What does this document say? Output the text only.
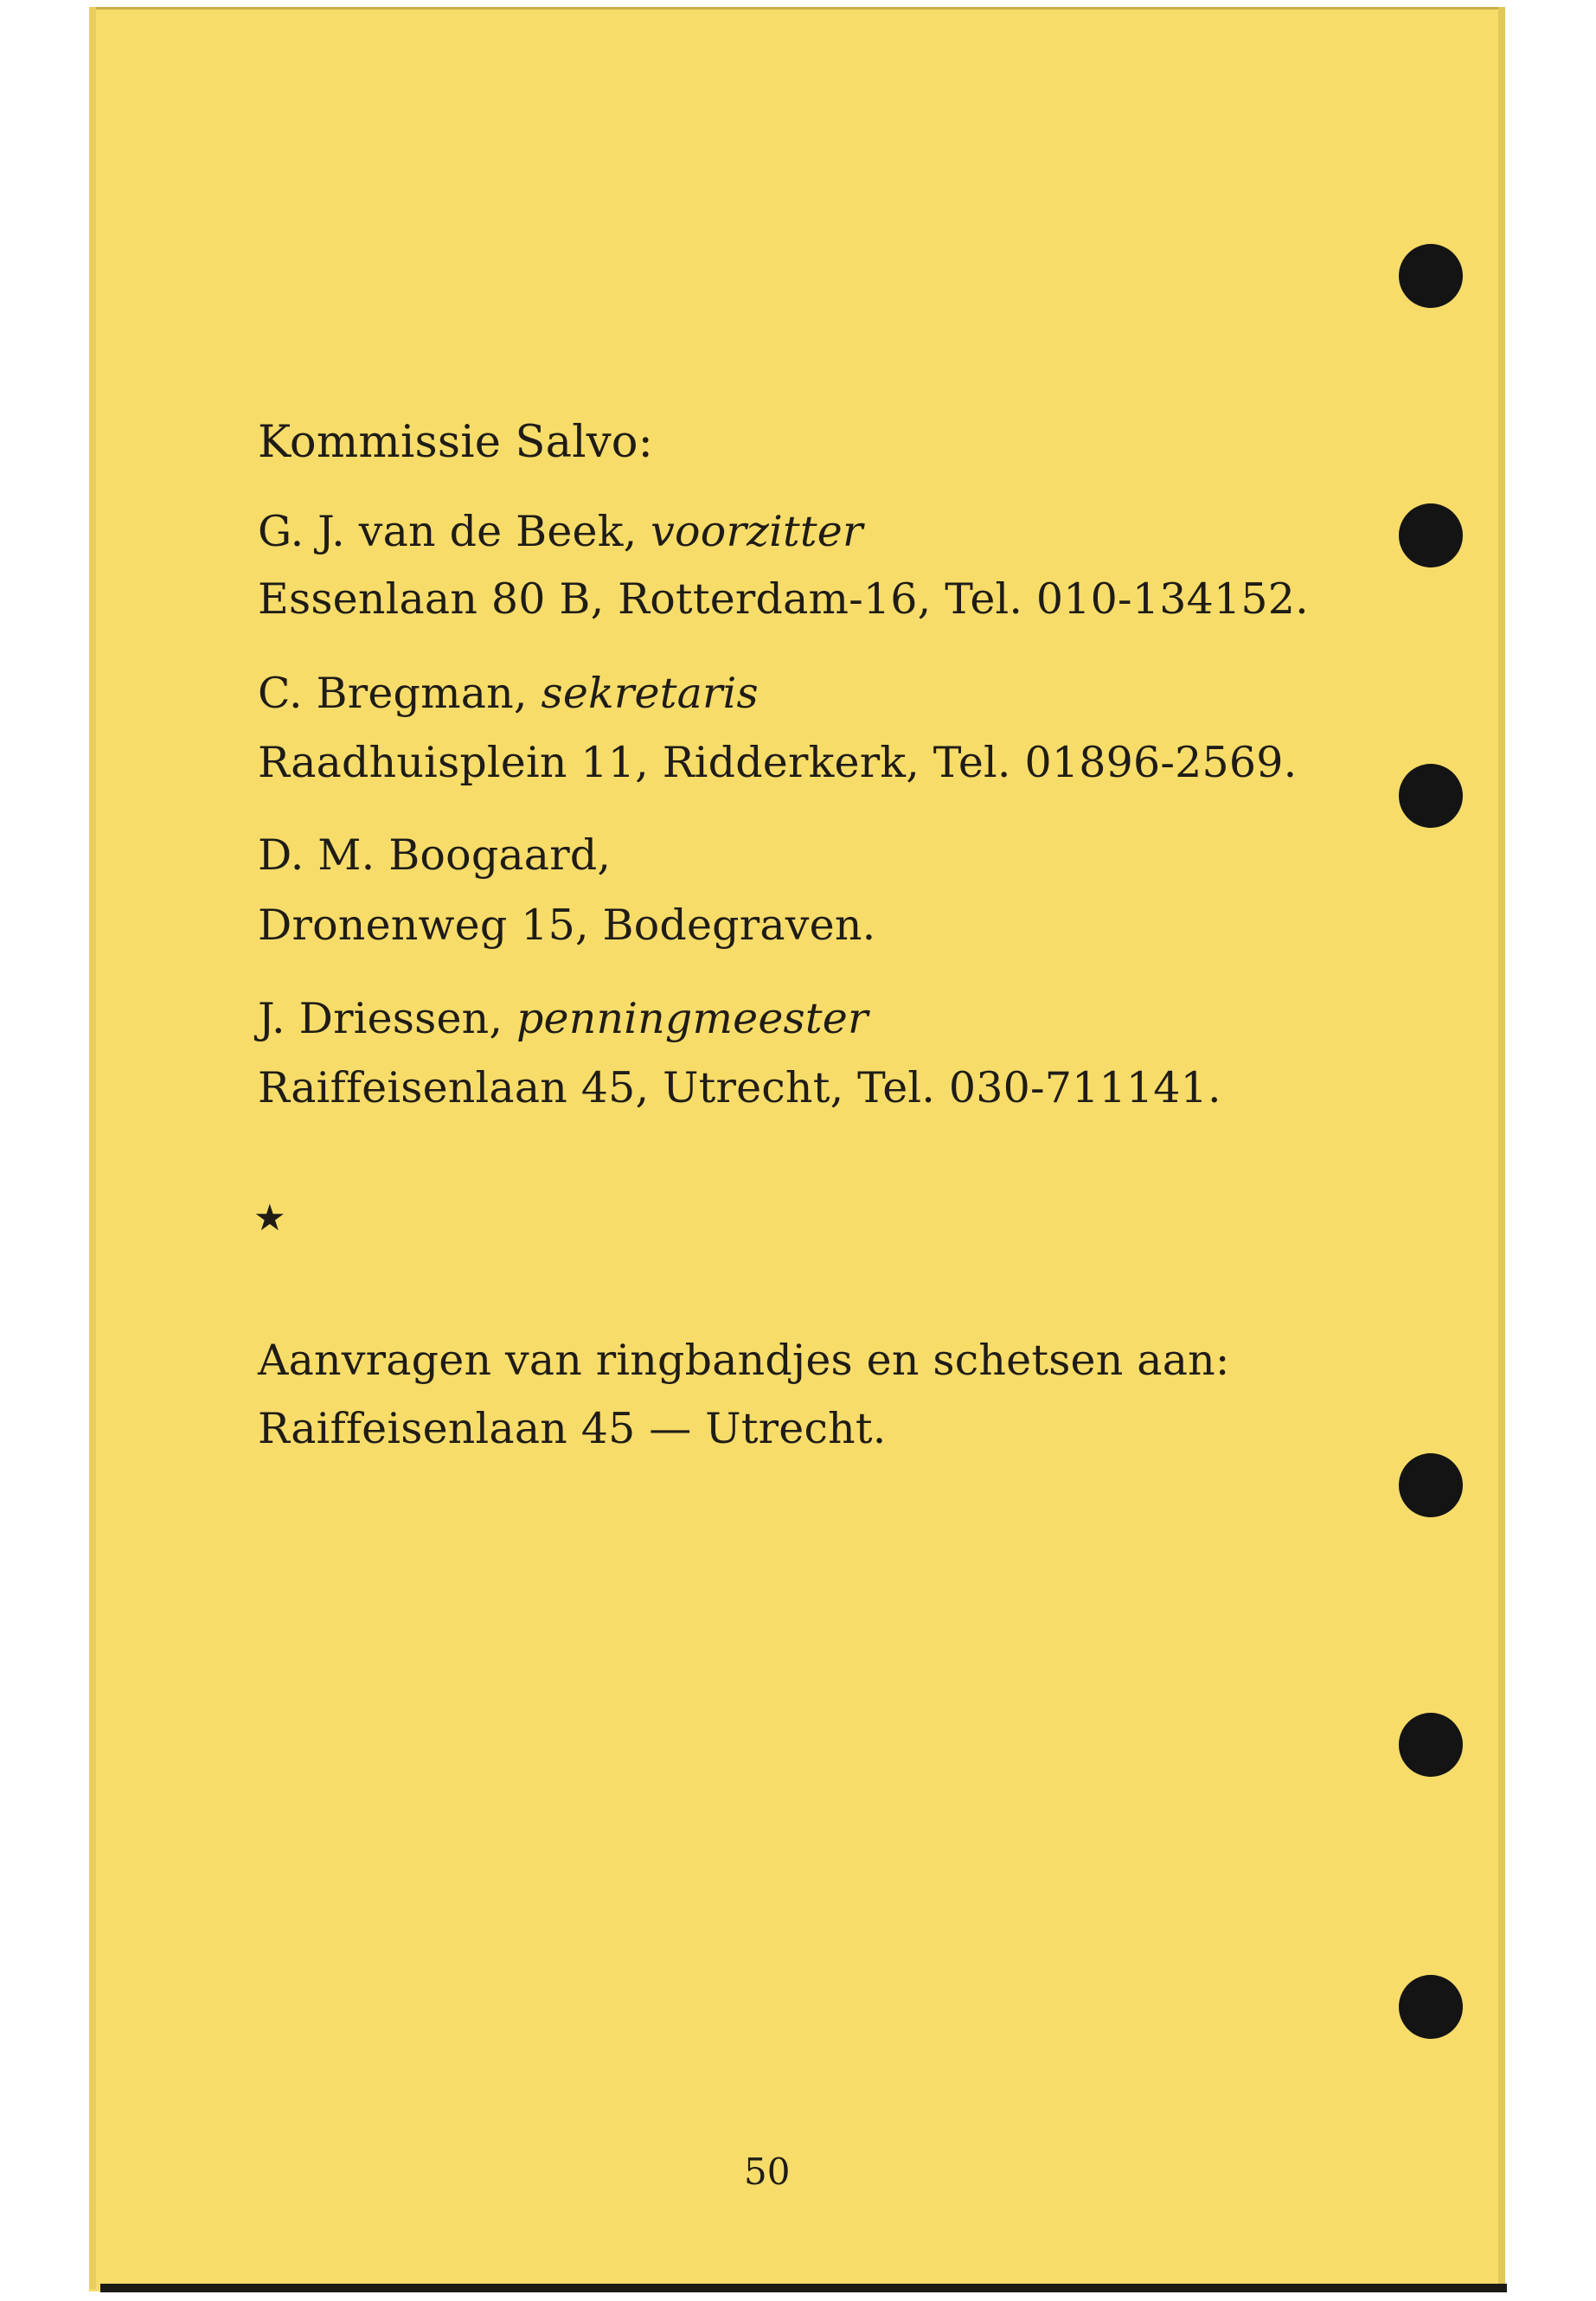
Kommissie Salvo:

G. J. van de Beek, voorzitter

Essenlaan 80 B, Rotterdam-16, Tel. 010-134152.

C. Bregman, sekretaris

Raadhuisplein 11, Ridderkerk, Tel. 01896-2569.

D. M. Boogaard,

Dronenweg 15, Bodegraven.

J. Driessen, penningmeester

Raiffeisenlaan 45, Utrecht, Tel. 030-711141.

★

Aanvragen van ringbandjes en schetsen aan:

Raiffeisenlaan 45 — Utrecht.

50
